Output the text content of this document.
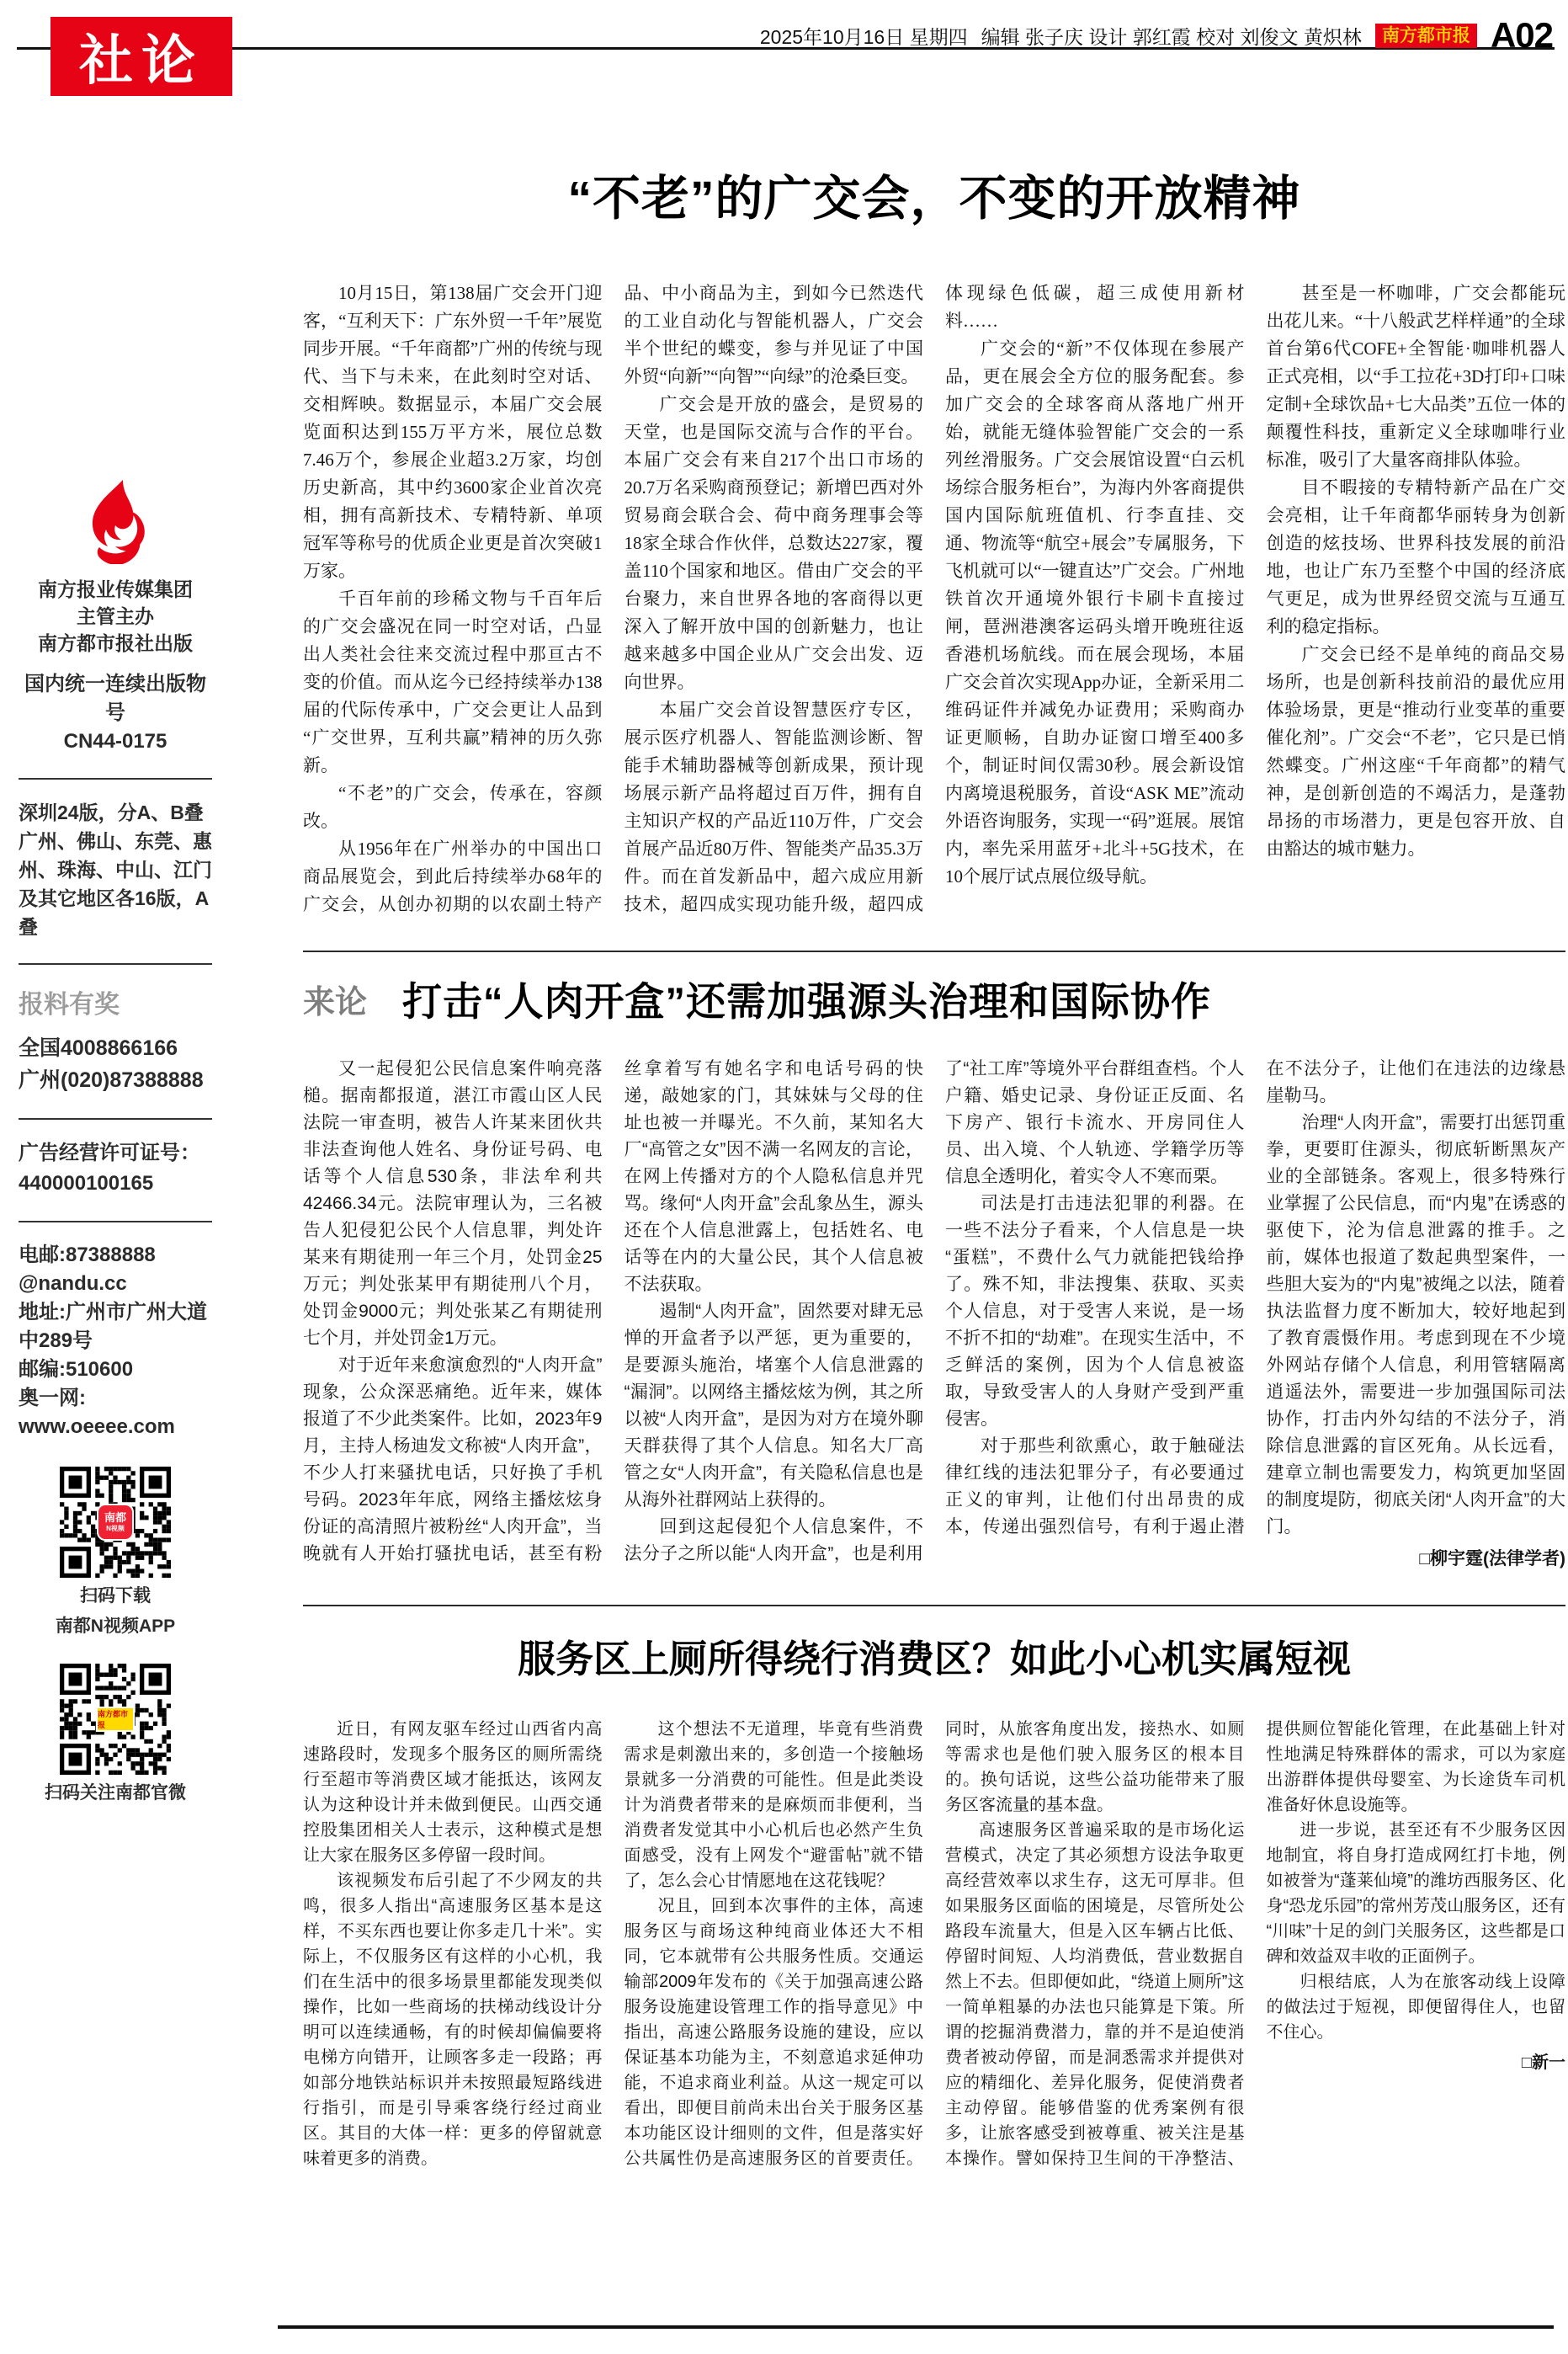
社论	2025年10月16日 星期四 编辑 张子庆 设计 郭红霞 校对 刘俊文 黄炽林	南方都市报 A02

南方报业传媒集团

主管主办

南方都市报社出版

国内统一连续出版物号
CN44-0175

深圳24版，分A、B叠

广州、佛山、东莞、惠州、珠海、中山、江门及其它地区各16版，A叠

报料有奖

全国4008866166

广州(020)87388888

广告经营许可证号：

440000100165

电邮:87388888

@nandu.cc

地址:广州市广州大道中289号

邮编:510600

奥一网:

www.oeeee.com

南都
N视频

扫码下载

南都N视频APP

南方都市报

扫码关注南都官微

“不老”的广交会，不变的开放精神

10月15日，第138届广交会开门迎客，“互利天下：广东外贸一千年”展览同步开展。“千年商都”广州的传统与现代、当下与未来，在此刻时空对话、交相辉映。数据显示，本届广交会展览面积达到155万平方米，展位总数7.46万个，参展企业超3.2万家，均创历史新高，其中约3600家企业首次亮相，拥有高新技术、专精特新、单项冠军等称号的优质企业更是首次突破1万家。

千百年前的珍稀文物与千百年后的广交会盛况在同一时空对话，凸显出人类社会往来交流过程中那亘古不变的价值。而从迄今已经持续举办138届的代际传承中，广交会更让人品到“广交世界，互利共赢”精神的历久弥新。

“不老”的广交会，传承在，容颜改。

从1956年在广州举办的中国出口商品展览会，到此后持续举办68年的广交会，从创办初期的以农副土特产品、中小商品为主，到如今已然迭代的工业自动化与智能机器人，广交会半个世纪的蝶变，参与并见证了中国外贸“向新”“向智”“向绿”的沧桑巨变。

广交会是开放的盛会，是贸易的天堂，也是国际交流与合作的平台。本届广交会有来自217个出口市场的20.7万名采购商预登记；新增巴西对外贸易商会联合会、荷中商务理事会等18家全球合作伙伴，总数达227家，覆盖110个国家和地区。借由广交会的平台聚力，来自世界各地的客商得以更深入了解开放中国的创新魅力，也让越来越多中国企业从广交会出发、迈向世界。

本届广交会首设智慧医疗专区，展示医疗机器人、智能监测诊断、智能手术辅助器械等创新成果，预计现场展示新产品将超过百万件，拥有自主知识产权的产品近110万件，广交会首展产品近80万件、智能类产品35.3万件。而在首发新品中，超六成应用新技术，超四成实现功能升级，超四成体现绿色低碳，超三成使用新材料……

广交会的“新”不仅体现在参展产品，更在展会全方位的服务配套。参加广交会的全球客商从落地广州开始，就能无缝体验智能广交会的一系列丝滑服务。广交会展馆设置“白云机场综合服务柜台”，为海内外客商提供国内国际航班值机、行李直挂、交通、物流等“航空+展会”专属服务，下飞机就可以“一键直达”广交会。广州地铁首次开通境外银行卡刷卡直接过闸，琶洲港澳客运码头增开晚班往返香港机场航线。而在展会现场，本届广交会首次实现App办证，全新采用二维码证件并减免办证费用；采购商办证更顺畅，自助办证窗口增至400多个，制证时间仅需30秒。展会新设馆内离境退税服务，首设“ASK ME”流动外语咨询服务，实现一“码”逛展。展馆内，率先采用蓝牙+北斗+5G技术，在10个展厅试点展位级导航。

甚至是一杯咖啡，广交会都能玩出花儿来。“十八般武艺样样通”的全球首台第6代COFE+全智能·咖啡机器人正式亮相，以“手工拉花+3D打印+口味定制+全球饮品+七大品类”五位一体的颠覆性科技，重新定义全球咖啡行业标准，吸引了大量客商排队体验。

目不暇接的专精特新产品在广交会亮相，让千年商都华丽转身为创新创造的炫技场、世界科技发展的前沿地，也让广东乃至整个中国的经济底气更足，成为世界经贸交流与互通互利的稳定指标。

广交会已经不是单纯的商品交易场所，也是创新科技前沿的最优应用体验场景，更是“推动行业变革的重要催化剂”。广交会“不老”，它只是已悄然蝶变。广州这座“千年商都”的精气神，是创新创造的不竭活力，是蓬勃昂扬的市场潜力，更是包容开放、自由豁达的城市魅力。

来论 打击“人肉开盒”还需加强源头治理和国际协作

又一起侵犯公民信息案件响亮落槌。据南都报道，湛江市霞山区人民法院一审查明，被告人许某来团伙共非法查询他人姓名、身份证号码、电话等个人信息530条，非法牟利共42466.34元。法院审理认为，三名被告人犯侵犯公民个人信息罪，判处许某来有期徒刑一年三个月，处罚金25万元；判处张某甲有期徒刑八个月，处罚金9000元；判处张某乙有期徒刑七个月，并处罚金1万元。

对于近年来愈演愈烈的“人肉开盒”现象，公众深恶痛绝。近年来，媒体报道了不少此类案件。比如，2023年9月，主持人杨迪发文称被“人肉开盒”，不少人打来骚扰电话，只好换了手机号码。2023年年底，网络主播炫炫身份证的高清照片被粉丝“人肉开盒”，当晚就有人开始打骚扰电话，甚至有粉丝拿着写有她名字和电话号码的快递，敲她家的门，其妹妹与父母的住址也被一并曝光。不久前，某知名大厂“高管之女”因不满一名网友的言论，在网上传播对方的个人隐私信息并咒骂。缘何“人肉开盒”会乱象丛生，源头还在个人信息泄露上，包括姓名、电话等在内的大量公民，其个人信息被不法获取。

遏制“人肉开盒”，固然要对肆无忌惮的开盒者予以严惩，更为重要的，是要源头施治，堵塞个人信息泄露的“漏洞”。以网络主播炫炫为例，其之所以被“人肉开盒”，是因为对方在境外聊天群获得了其个人信息。知名大厂高管之女“人肉开盒”，有关隐私信息也是从海外社群网站上获得的。

回到这起侵犯个人信息案件，不法分子之所以能“人肉开盒”，也是利用了“社工库”等境外平台群组查档。个人户籍、婚史记录、身份证正反面、名下房产、银行卡流水、开房同住人员、出入境、个人轨迹、学籍学历等信息全透明化，着实令人不寒而栗。

司法是打击违法犯罪的利器。在一些不法分子看来，个人信息是一块“蛋糕”，不费什么气力就能把钱给挣了。殊不知，非法搜集、获取、买卖个人信息，对于受害人来说，是一场不折不扣的“劫难”。在现实生活中，不乏鲜活的案例，因为个人信息被盗取，导致受害人的人身财产受到严重侵害。

对于那些利欲熏心，敢于触碰法律红线的违法犯罪分子，有必要通过正义的审判，让他们付出昂贵的成本，传递出强烈信号，有利于遏止潜在不法分子，让他们在违法的边缘悬崖勒马。

治理“人肉开盒”，需要打出惩罚重拳，更要盯住源头，彻底斩断黑灰产业的全部链条。客观上，很多特殊行业掌握了公民信息，而“内鬼”在诱惑的驱使下，沦为信息泄露的推手。之前，媒体也报道了数起典型案件，一些胆大妄为的“内鬼”被绳之以法，随着执法监督力度不断加大，较好地起到了教育震慑作用。考虑到现在不少境外网站存储个人信息，利用管辖隔离逍遥法外，需要进一步加强国际司法协作，打击内外勾结的不法分子，消除信息泄露的盲区死角。从长远看，建章立制也需要发力，构筑更加坚固的制度堤防，彻底关闭“人肉开盒”的大门。

□柳宇霆(法律学者)

服务区上厕所得绕行消费区？如此小心机实属短视

近日，有网友驱车经过山西省内高速路段时，发现多个服务区的厕所需绕行至超市等消费区域才能抵达，该网友认为这种设计并未做到便民。山西交通控股集团相关人士表示，这种模式是想让大家在服务区多停留一段时间。

该视频发布后引起了不少网友的共鸣，很多人指出“高速服务区基本是这样，不买东西也要让你多走几十米”。实际上，不仅服务区有这样的小心机，我们在生活中的很多场景里都能发现类似操作，比如一些商场的扶梯动线设计分明可以连续通畅，有的时候却偏偏要将电梯方向错开，让顾客多走一段路；再如部分地铁站标识并未按照最短路线进行指引，而是引导乘客绕行经过商业区。其目的大体一样：更多的停留就意味着更多的消费。

这个想法不无道理，毕竟有些消费需求是刺激出来的，多创造一个接触场景就多一分消费的可能性。但是此类设计为消费者带来的是麻烦而非便利，当消费者发觉其中小心机后也必然产生负面感受，没有上网发个“避雷帖”就不错了，怎么会心甘情愿地在这花钱呢？

况且，回到本次事件的主体，高速服务区与商场这种纯商业体还大不相同，它本就带有公共服务性质。交通运输部2009年发布的《关于加强高速公路服务设施建设管理工作的指导意见》中指出，高速公路服务设施的建设，应以保证基本功能为主，不刻意追求延伸功能，不追求商业利益。从这一规定可以看出，即便目前尚未出台关于服务区基本功能区设计细则的文件，但是落实好公共属性仍是高速服务区的首要责任。同时，从旅客角度出发，接热水、如厕等需求也是他们驶入服务区的根本目的。换句话说，这些公益功能带来了服务区客流量的基本盘。

高速服务区普遍采取的是市场化运营模式，决定了其必须想方设法争取更高经营效率以求生存，这无可厚非。但如果服务区面临的困境是，尽管所处公路段车流量大，但是入区车辆占比低、停留时间短、人均消费低，营业数据自然上不去。但即便如此，“绕道上厕所”这一简单粗暴的办法也只能算是下策。所谓的挖掘消费潜力，靠的并不是迫使消费者被动停留，而是洞悉需求并提供对应的精细化、差异化服务，促使消费者主动停留。能够借鉴的优秀案例有很多，让旅客感受到被尊重、被关注是基本操作。譬如保持卫生间的干净整洁、提供厕位智能化管理，在此基础上针对性地满足特殊群体的需求，可以为家庭出游群体提供母婴室、为长途货车司机准备好休息设施等。

进一步说，甚至还有不少服务区因地制宜，将自身打造成网红打卡地，例如被誉为“蓬莱仙境”的潍坊西服务区、化身“恐龙乐园”的常州芳茂山服务区，还有“川味”十足的剑门关服务区，这些都是口碑和效益双丰收的正面例子。

归根结底，人为在旅客动线上设障的做法过于短视，即便留得住人，也留不住心。

□新一
